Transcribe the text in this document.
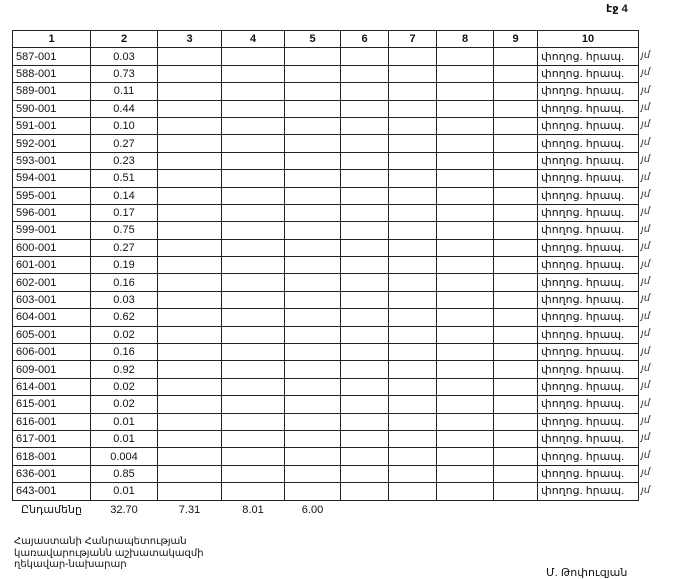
էջ 4
1	2	3	4	5	6	7	8	9	10
587-001	0.03								փողոց. հրապ.
588-001	0.73								փողոց. հրապ.
589-001	0.11								փողոց. հրապ.
590-001	0.44								փողոց. հրապ.
591-001	0.10								փողոց. հրապ.
592-001	0.27								փողոց. հրապ.
593-001	0.23								փողոց. հրապ.
594-001	0.51								փողոց. հրապ.
595-001	0.14								փողոց. հրապ.
596-001	0.17								փողոց. հրապ.
599-001	0.75								փողոց. հրապ.
600-001	0.27								փողոց. հրապ.
601-001	0.19								փողոց. հրապ.
602-001	0.16								փողոց. հրապ.
603-001	0.03								փողոց. հրապ.
604-001	0.62								փողոց. հրապ.
605-001	0.02								փողոց. հրապ.
606-001	0.16								փողոց. հրապ.
609-001	0.92								փողոց. հրապ.
614-001	0.02								փողոց. հրապ.
615-001	0.02								փողոց. հրապ.
616-001	0.01								փողոց. հրապ.
617-001	0.01								փողոց. հրապ.
618-001	0.004								փողոց. հրապ.
636-001	0.85								փողոց. հրապ.
643-001	0.01								փողոց. հրապ.
Ընդամենը	32.70	7.31	8.01	6.00					
յմ
յմ
յմ
յմ
յմ
յմ
յմ
յմ
յմ
յմ
յմ
յմ
յմ
յմ
յմ
յմ
յմ
յմ
յմ
յմ
յմ
յմ
յմ
յմ
յմ
յմ
Հայաստանի Հանրապետության
կառավարությանն աշխատակազմի
ղեկավար-նախարար
Մ. Թոփուզյան
